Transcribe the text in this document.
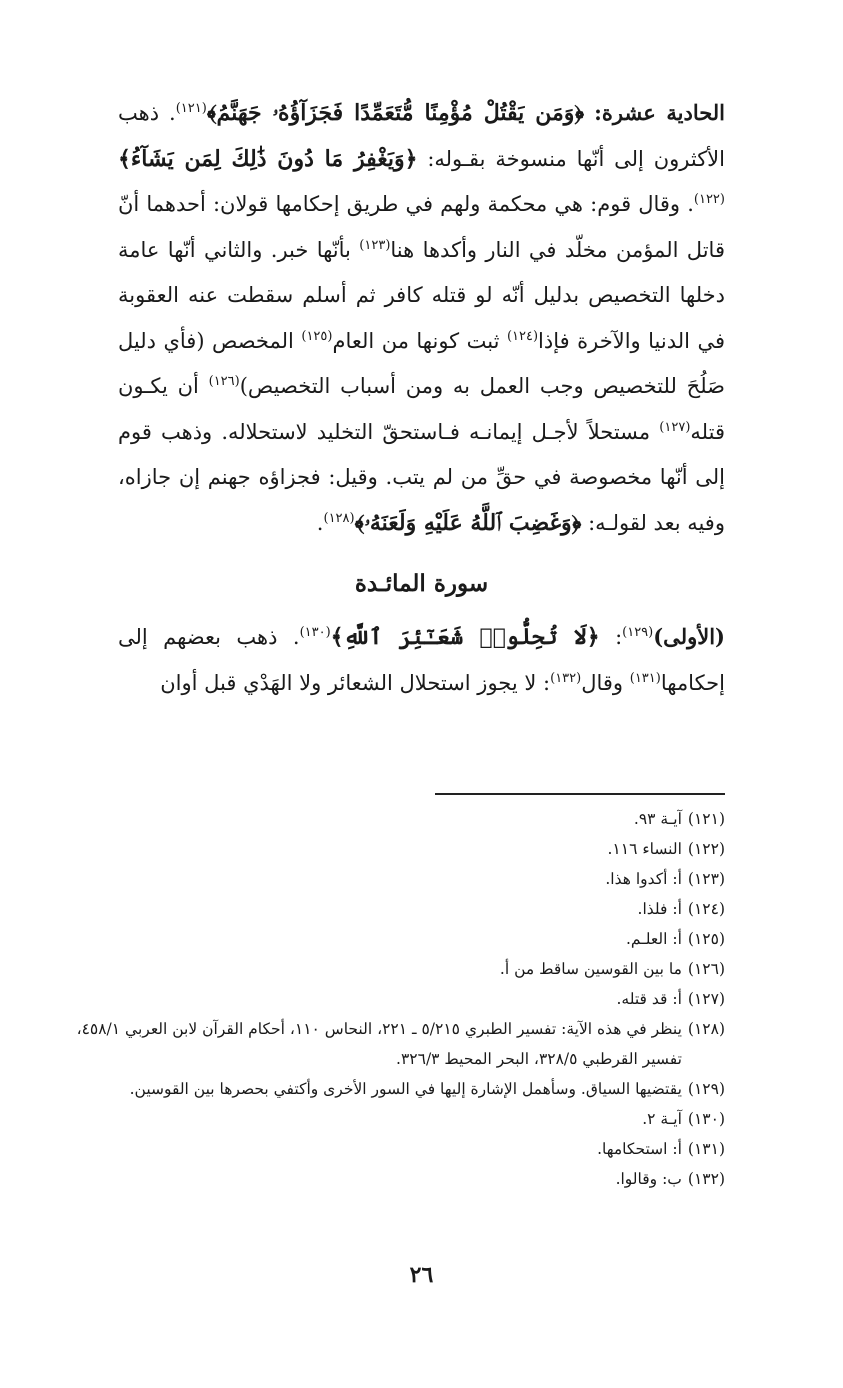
الحادية عشرة: ﴿وَمَن يَقْتُلْ مُؤْمِنًا مُّتَعَمِّدًا فَجَزَآؤُهُۥ جَهَنَّمُ﴾$^{(١٢١)}$. ذهب الأكثرون إلى أنّها منسوخة بقـوله: ﴿وَيَغْفِرُ مَا دُونَ ذَٰلِكَ لِمَن يَشَآءُ﴾$^{(١٢٢)}$. وقال قوم: هي محكمة ولهم في طريق إحكامها قولان: أحدهما أنّ قاتل المؤمن مخلّد في النار وأكدها هنا$^{(١٢٣)}$ بأنّها خبر. والثاني أنّها عامة دخلها التخصيص بدليل أنّه لو قتله كافر ثم أسلم سقطت عنه العقوبة في الدنيا والآخرة فإذا$^{(١٢٤)}$ ثبت كونها من العام$^{(١٢٥)}$ المخصص (فأي دليل صَلُحَ للتخصيص وجب العمل به ومن أسباب التخصيص)$^{(١٢٦)}$ أن يكـون قتله$^{(١٢٧)}$ مستحلاً لأجـل إيمانـه فـاستحقّ التخليد لاستحلاله. وذهب قوم إلى أنّها مخصوصة في حقِّ من لم يتب. وقيل: فجزاؤه جهنم إن جازاه، وفيه بعد لقولـه: ﴿وَغَضِبَ ٱللَّهُ عَلَيْهِ وَلَعَنَهُۥ﴾$^{(١٢٨)}$.

سورة المائـدة

(الأولى)$^{(١٢٩)}$: ﴿لَا تُحِلُّوا۟ شَعَـٰٓئِرَ ٱللَّهِ﴾$^{(١٣٠)}$. ذهب بعضهم إلى إحكامها$^{(١٣١)}$ وقال$^{(١٣٢)}$: لا يجوز استحلال الشعائر ولا الهَدْي قبل أوان

(١٢١)
آيـة ٩٣.
(١٢٢)
النساء ١١٦.
(١٢٣)
أ: أكدوا هذا.
(١٢٤)
أ: فلذا.
(١٢٥)
أ: العلـم.
(١٢٦)
ما بين القوسين ساقط من أ.
(١٢٧)
أ: قد قتله.
(١٢٨)
ينظر في هذه الآية: تفسير الطبري ٥/٢١٥ ـ ٢٢١، النحاس ١١٠، أحكام القرآن لابن العربي ٤٥٨/١، تفسير القرطبي ٣٢٨/٥، البحر المحيط ٣٢٦/٣.
(١٢٩)
يقتضيها السياق. وسأهمل الإشارة إليها في السور الأخرى وأكتفي بحصرها بين القوسين.
(١٣٠)
آيـة ٢.
(١٣١)
أ: استحكامها.
(١٣٢)
ب: وقالوا.
٢٦
